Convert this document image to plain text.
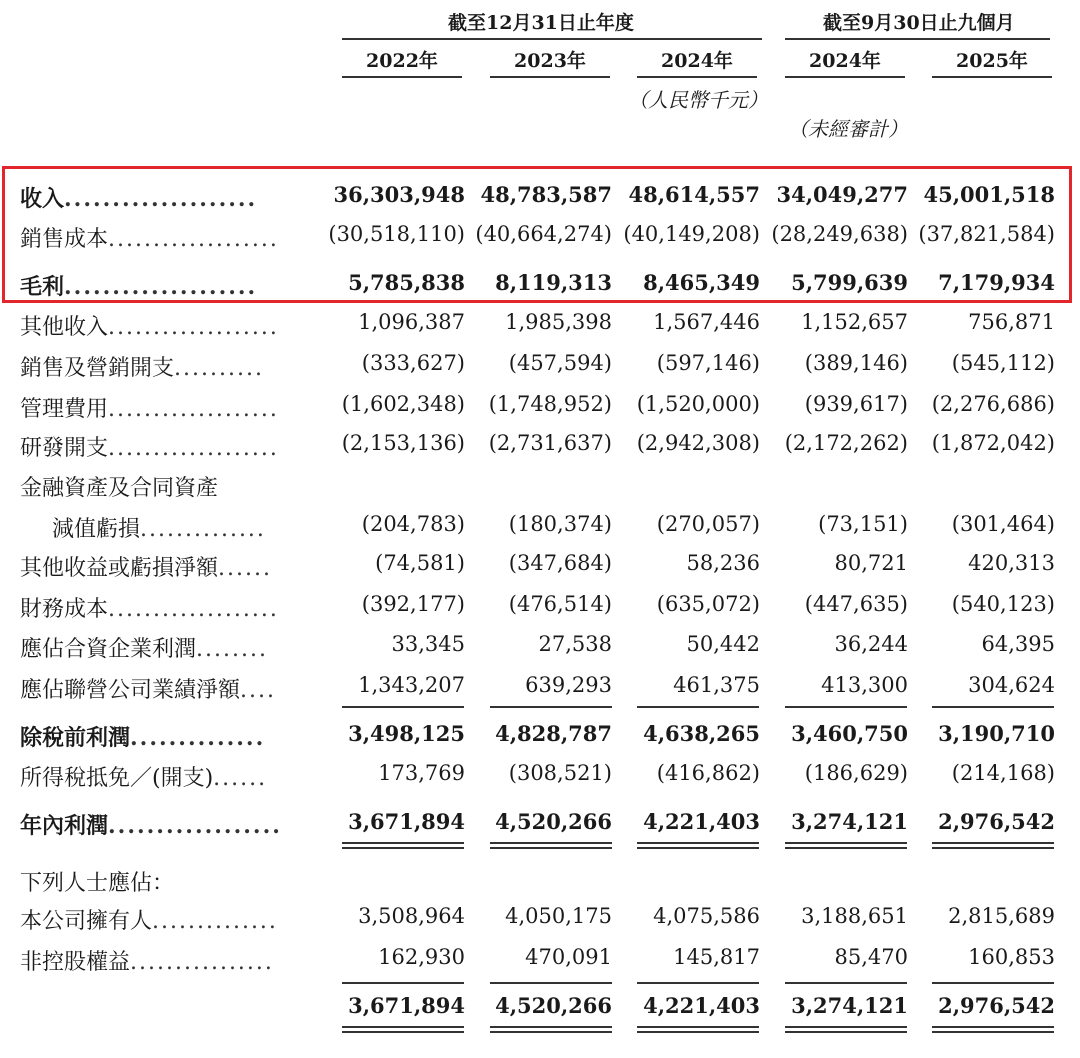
截至12月31日止年度	截至9月30日止九個月
2022年	2023年	2024年	2024年	2025年
（人民幣千元）
（未經審計）
收入....................	36,303,948 48,783,587 48,614,557 34,049,277 45,001,518
銷售成本...................	(30,518,110) (40,664,274) (40,149,208) (28,249,638) (37,821,584)
毛利....................	5,785,838	8,119,313	8,465,349	5,799,639	7,179,934
其他收入...................	1,096,387	1,985,398	1,567,446	1,152,657	756,871
銷售及營銷開支..........	(333,627)	(457,594)	(597,146)	(389,146)	(545,112)
管理費用...................	(1,602,348)	(1,748,952)	(1,520,000)	(939,617)	(2,276,686)
研發開支...................	(2,153,136)	(2,731,637)	(2,942,308)	(2,172,262)	(1,872,042)
金融資產及合同資產
減值虧損..............	(204,783)	(180,374)	(270,057)	(73,151)	(301,464)
其他收益或虧損淨額......	(74,581)	(347,684)	58,236	80,721	420,313
財務成本...................	(392,177)	(476,514)	(635,072)	(447,635)	(540,123)
應佔合資企業利潤........	33,345	27,538	50,442	36,244	64,395
應佔聯營公司業績淨額....	1,343,207	639,293	461,375	413,300	304,624
除稅前利潤..............	3,498,125	4,828,787	4,638,265	3,460,750	3,190,710
所得稅抵免／(開支)......	173,769	(308,521)	(416,862)	(186,629)	(214,168)
年內利潤..................	3,671,894	4,520,266	4,221,403	3,274,121	2,976,542
下列人士應佔：
本公司擁有人..............	3,508,964	4,050,175	4,075,586	3,188,651	2,815,689
非控股權益................	162,930	470,091	145,817	85,470	160,853
3,671,894	4,520,266	4,221,403	3,274,121	2,976,542
